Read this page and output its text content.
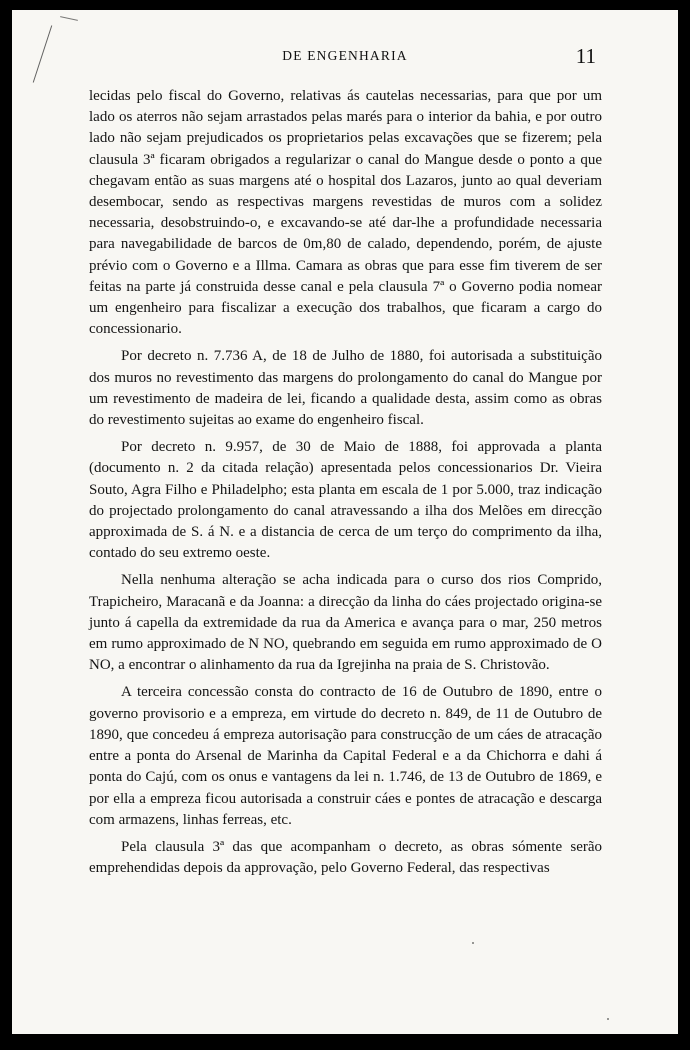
DE ENGENHARIA	11

lecidas pelo fiscal do Governo, relativas ás cautelas necessarias, para que por um lado os aterros não sejam arrastados pelas marés para o interior da bahia, e por outro lado não sejam prejudicados os proprietarios pelas excavações que se fizerem; pela clausula 3ª ficaram obrigados a regularizar o canal do Mangue desde o ponto a que chegavam então as suas margens até o hospital dos Lazaros, junto ao qual deveriam desembocar, sendo as respectivas margens revestidas de muros com a solidez necessaria, desobstruindo-o, e excavando-se até dar-lhe a profundidade necessaria para navegabilidade de barcos de 0m,80 de calado, dependendo, porém, de ajuste prévio com o Governo e a Illma. Camara as obras que para esse fim tiverem de ser feitas na parte já construida desse canal e pela clausula 7ª o Governo podia nomear um engenheiro para fiscalizar a execução dos trabalhos, que ficaram a cargo do concessionario.

Por decreto n. 7.736 A, de 18 de Julho de 1880, foi autorisada a substituição dos muros no revestimento das margens do prolongamento do canal do Mangue por um revestimento de madeira de lei, ficando a qualidade desta, assim como as obras do revestimento sujeitas ao exame do engenheiro fiscal.

Por decreto n. 9.957, de 30 de Maio de 1888, foi approvada a planta (documento n. 2 da citada relação) apresentada pelos concessionarios Dr. Vieira Souto, Agra Filho e Philadelpho; esta planta em escala de 1 por 5.000, traz indicação do projectado prolongamento do canal atravessando a ilha dos Melões em direcção approximada de S. á N. e a distancia de cerca de um terço do comprimento da ilha, contado do seu extremo oeste.

Nella nenhuma alteração se acha indicada para o curso dos rios Comprido, Trapicheiro, Maracanã e da Joanna: a direcção da linha do cáes projectado origina-se junto á capella da extremidade da rua da America e avança para o mar, 250 metros em rumo approximado de N NO, quebrando em seguida em rumo approximado de O NO, a encontrar o alinhamento da rua da Igrejinha na praia de S. Christovão.

A terceira concessão consta do contracto de 16 de Outubro de 1890, entre o governo provisorio e a empreza, em virtude do decreto n. 849, de 11 de Outubro de 1890, que concedeu á empreza autorisação para construcção de um cáes de atracação entre a ponta do Arsenal de Marinha da Capital Federal e a da Chichorra e dahi á ponta do Cajú, com os onus e vantagens da lei n. 1.746, de 13 de Outubro de 1869, e por ella a empreza ficou autorisada a construir cáes e pontes de atracação e descarga com armazens, linhas ferreas, etc.

Pela clausula 3ª das que acompanham o decreto, as obras sómente serão emprehendidas depois da approvação, pelo Governo Federal, das respectivas
